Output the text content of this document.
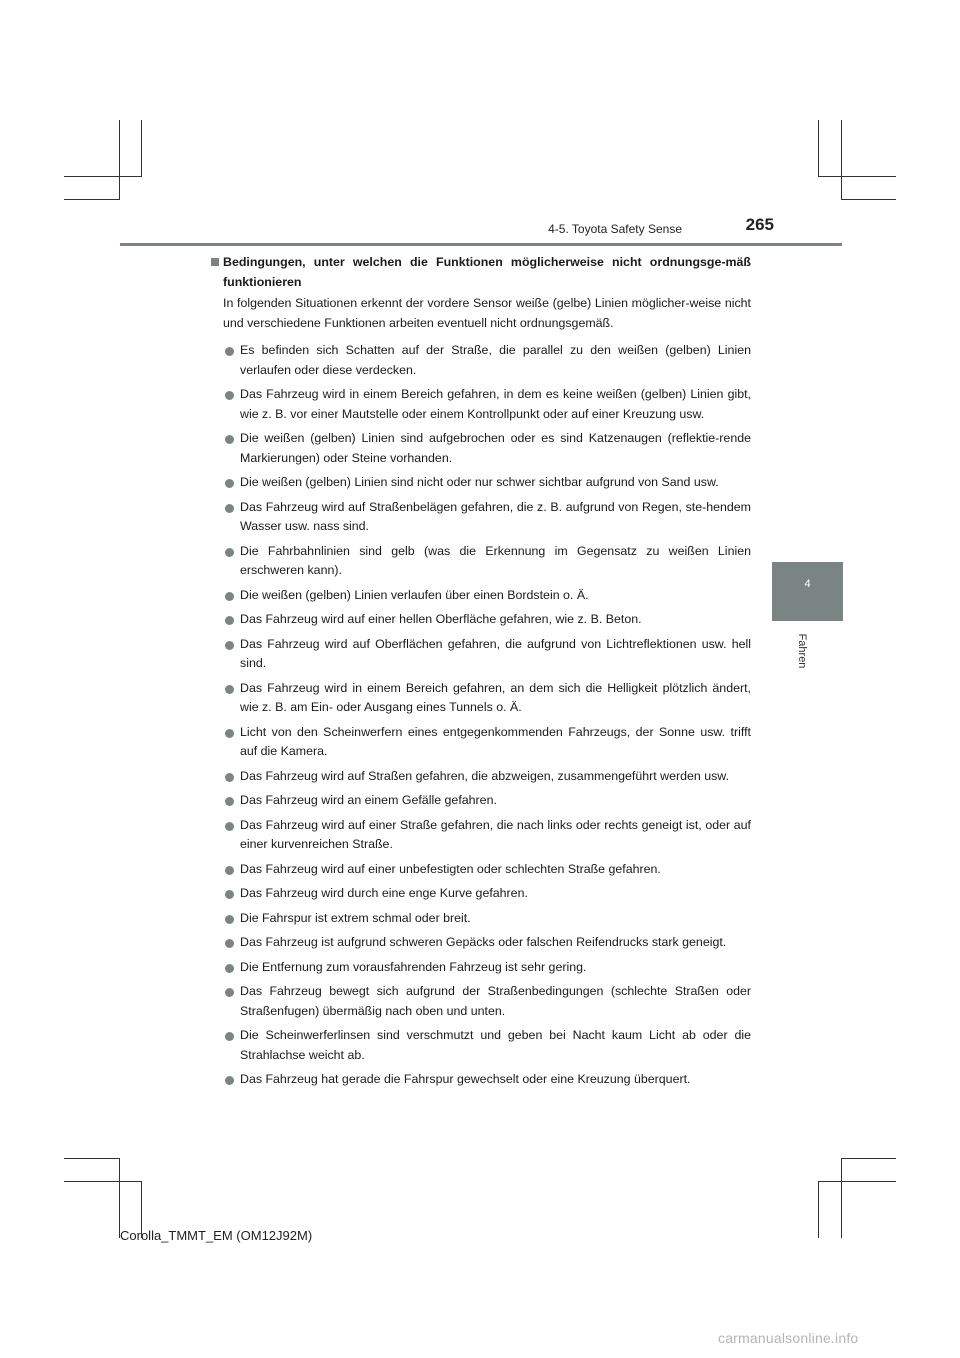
4-5. Toyota Safety Sense	265
4
Fahren

Bedingungen, unter welchen die Funktionen möglicherweise nicht ordnungsge-mäß funktionieren

In folgenden Situationen erkennt der vordere Sensor weiße (gelbe) Linien möglicher-weise nicht und verschiedene Funktionen arbeiten eventuell nicht ordnungsgemäß.

Es befinden sich Schatten auf der Straße, die parallel zu den weißen (gelben) Linien verlaufen oder diese verdecken.
Das Fahrzeug wird in einem Bereich gefahren, in dem es keine weißen (gelben) Linien gibt, wie z. B. vor einer Mautstelle oder einem Kontrollpunkt oder auf einer Kreuzung usw.
Die weißen (gelben) Linien sind aufgebrochen oder es sind Katzenaugen (reflektie-rende Markierungen) oder Steine vorhanden.
Die weißen (gelben) Linien sind nicht oder nur schwer sichtbar aufgrund von Sand usw.
Das Fahrzeug wird auf Straßenbelägen gefahren, die z. B. aufgrund von Regen, ste-hendem Wasser usw. nass sind.
Die Fahrbahnlinien sind gelb (was die Erkennung im Gegensatz zu weißen Linien erschweren kann).
Die weißen (gelben) Linien verlaufen über einen Bordstein o. Ä.
Das Fahrzeug wird auf einer hellen Oberfläche gefahren, wie z. B. Beton.
Das Fahrzeug wird auf Oberflächen gefahren, die aufgrund von Lichtreflektionen usw. hell sind.
Das Fahrzeug wird in einem Bereich gefahren, an dem sich die Helligkeit plötzlich ändert, wie z. B. am Ein- oder Ausgang eines Tunnels o. Ä.
Licht von den Scheinwerfern eines entgegenkommenden Fahrzeugs, der Sonne usw. trifft auf die Kamera.
Das Fahrzeug wird auf Straßen gefahren, die abzweigen, zusammengeführt werden usw.
Das Fahrzeug wird an einem Gefälle gefahren.
Das Fahrzeug wird auf einer Straße gefahren, die nach links oder rechts geneigt ist, oder auf einer kurvenreichen Straße.
Das Fahrzeug wird auf einer unbefestigten oder schlechten Straße gefahren.
Das Fahrzeug wird durch eine enge Kurve gefahren.
Die Fahrspur ist extrem schmal oder breit.
Das Fahrzeug ist aufgrund schweren Gepäcks oder falschen Reifendrucks stark geneigt.
Die Entfernung zum vorausfahrenden Fahrzeug ist sehr gering.
Das Fahrzeug bewegt sich aufgrund der Straßenbedingungen (schlechte Straßen oder Straßenfugen) übermäßig nach oben und unten.
Die Scheinwerferlinsen sind verschmutzt und geben bei Nacht kaum Licht ab oder die Strahlachse weicht ab.
Das Fahrzeug hat gerade die Fahrspur gewechselt oder eine Kreuzung überquert.
Corolla_TMMT_EM (OM12J92M)
carmanualsonline.info
